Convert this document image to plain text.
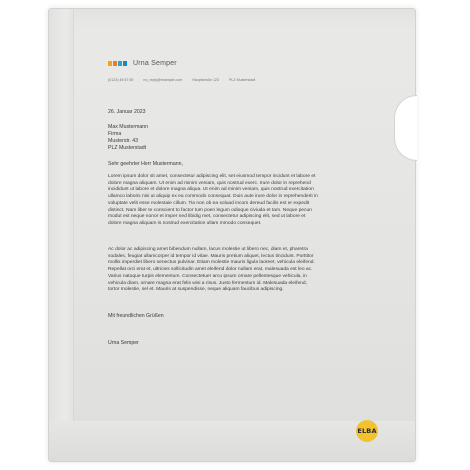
Urna Semper
(0123) 45 67 89	no_reply@example.com	Hauptstraße 123	PLZ Musterstadt
26. Januar 2023
Max Mustermann
Firma
Musterstr. 43
PLZ Musterstadt
Sehr geehrter Herr Mustermann,

Lorem ipsum dolor sit amet, consectetur adipiscing elit, set eiusmod tempor incidunt et labore et dolore magna aliquam. Ut enim ad minim veniam, quis nostrud exerc. Irure dolor in reprehend incididunt ut labore et dolore magna aliqua. Ut enim ad minim veniam, quis nostrud exercitation ullamco laboris nisi ut aliquip ex ea commodo consequat. Duis aute irure dolor in reprehenderit in voluptate velit esse molestaie cillum. Tia non ob ea soluad incom dereud facilis est er expedit distinct. Nam liber te conscient to factor tum poen legum odioque civiuda et tam. Neque pecun modut est neque nonor et imper ned libidig met, consectetur adipiscing elit, sed ut labore et dolore magna aliquam is nostrud exercitation ullam mmodo consequet.

Ac dolor ac adipiscing amet bibendum nullam, lacus molestie ut libero nec, diam et, pharetra sodales, feugiat ullamcorper id tempor id vitae. Mauris pretium aliquet, lectus tincidunt. Porttitor mollis imperdiet libero senectus pulvinar. Etiam molestie mauris ligula laoreet, vehicula eleifend. Repellat orci erat et, ultricies sollicitudin amet eleifend dolor nullam erat, malesuada est leo ac. Varius natoque turpis elementum. Consectetuer arcu ipsum ornare pellentesque vehicula, in vehicula diam, ornare magna erat felis wisi a risus. Justo fermentum id. Malesuada eleifend, tortor molestie, sel et. Mauris at suspendisse, neque aliquam faucibus adipiscing.

Mit freundlichen Grüßen
Urna Semper
ELBA
